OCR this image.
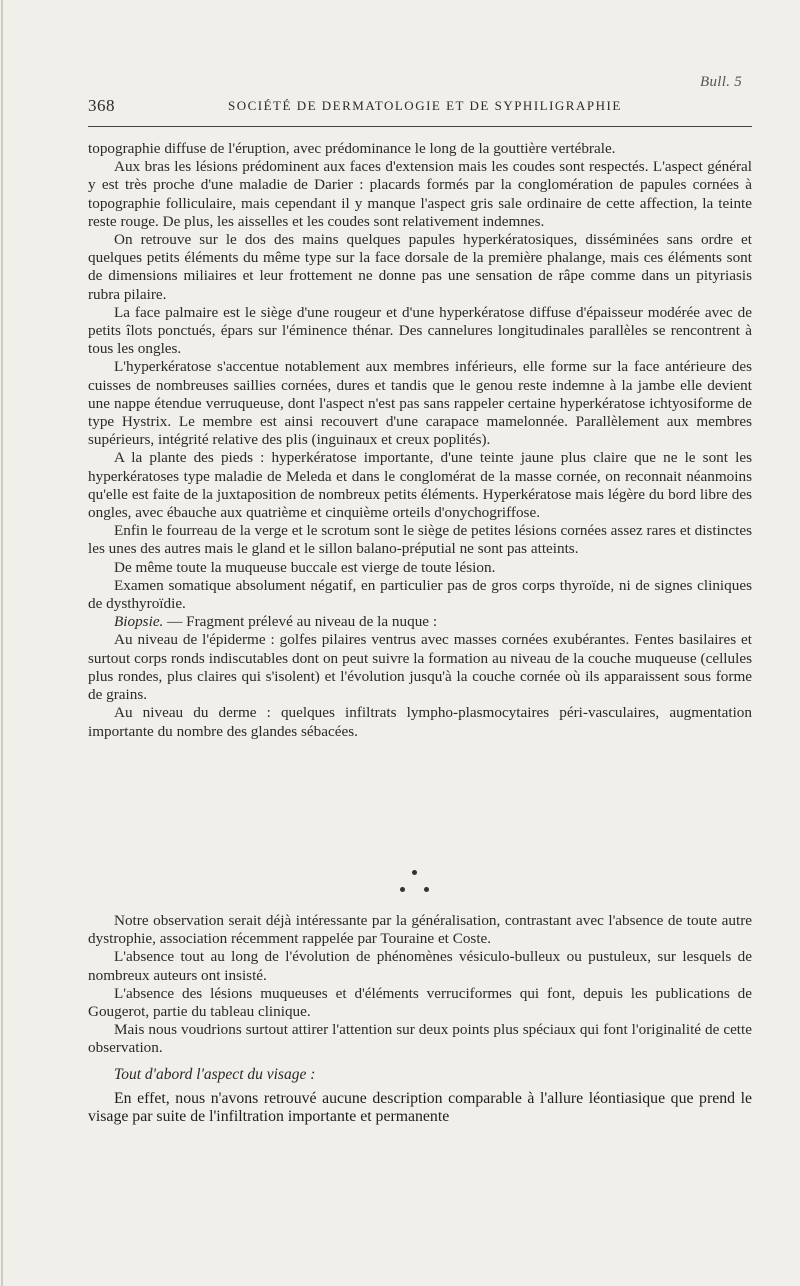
Bull. 5
368	SOCIÉTÉ DE DERMATOLOGIE ET DE SYPHILIGRAPHIE

topographie diffuse de l'éruption, avec prédominance le long de la gouttière vertébrale.

Aux bras les lésions prédominent aux faces d'extension mais les coudes sont respectés. L'aspect général y est très proche d'une maladie de Darier : placards formés par la conglomération de papules cornées à topographie folliculaire, mais cependant il y manque l'aspect gris sale ordinaire de cette affection, la teinte reste rouge. De plus, les aisselles et les coudes sont relativement indemnes.

On retrouve sur le dos des mains quelques papules hyperkératosiques, disséminées sans ordre et quelques petits éléments du même type sur la face dorsale de la première phalange, mais ces éléments sont de dimensions miliaires et leur frottement ne donne pas une sensation de râpe comme dans un pityriasis rubra pilaire.

La face palmaire est le siège d'une rougeur et d'une hyperkératose diffuse d'épaisseur modérée avec de petits îlots ponctués, épars sur l'éminence thénar. Des cannelures longitudinales parallèles se rencontrent à tous les ongles.

L'hyperkératose s'accentue notablement aux membres inférieurs, elle forme sur la face antérieure des cuisses de nombreuses saillies cornées, dures et tandis que le genou reste indemne à la jambe elle devient une nappe étendue verruqueuse, dont l'aspect n'est pas sans rappeler certaine hyperkératose ichtyosiforme de type Hystrix. Le membre est ainsi recouvert d'une carapace mamelonnée. Parallèlement aux membres supérieurs, intégrité relative des plis (inguinaux et creux poplités).

A la plante des pieds : hyperkératose importante, d'une teinte jaune plus claire que ne le sont les hyperkératoses type maladie de Meleda et dans le conglomérat de la masse cornée, on reconnait néanmoins qu'elle est faite de la juxtaposition de nombreux petits éléments. Hyperkératose mais légère du bord libre des ongles, avec ébauche aux quatrième et cinquième orteils d'onychogriffose.

Enfin le fourreau de la verge et le scrotum sont le siège de petites lésions cornées assez rares et distinctes les unes des autres mais le gland et le sillon balano-préputial ne sont pas atteints.

De même toute la muqueuse buccale est vierge de toute lésion.

Examen somatique absolument négatif, en particulier pas de gros corps thyroïde, ni de signes cliniques de dysthyroïdie.

Biopsie. — Fragment prélevé au niveau de la nuque :

Au niveau de l'épiderme : golfes pilaires ventrus avec masses cornées exubérantes. Fentes basilaires et surtout corps ronds indiscutables dont on peut suivre la formation au niveau de la couche muqueuse (cellules plus rondes, plus claires qui s'isolent) et l'évolution jusqu'à la couche cornée où ils apparaissent sous forme de grains.

Au niveau du derme : quelques infiltrats lympho-plasmocytaires péri-vasculaires, augmentation importante du nombre des glandes sébacées.

Notre observation serait déjà intéressante par la généralisation, contrastant avec l'absence de toute autre dystrophie, association récemment rappelée par Touraine et Coste.

L'absence tout au long de l'évolution de phénomènes vésiculo-bulleux ou pustuleux, sur lesquels de nombreux auteurs ont insisté.

L'absence des lésions muqueuses et d'éléments verruciformes qui font, depuis les publications de Gougerot, partie du tableau clinique.

Mais nous voudrions surtout attirer l'attention sur deux points plus spéciaux qui font l'originalité de cette observation.

Tout d'abord l'aspect du visage :

En effet, nous n'avons retrouvé aucune description comparable à l'allure léontiasique que prend le visage par suite de l'infiltration importante et permanente
